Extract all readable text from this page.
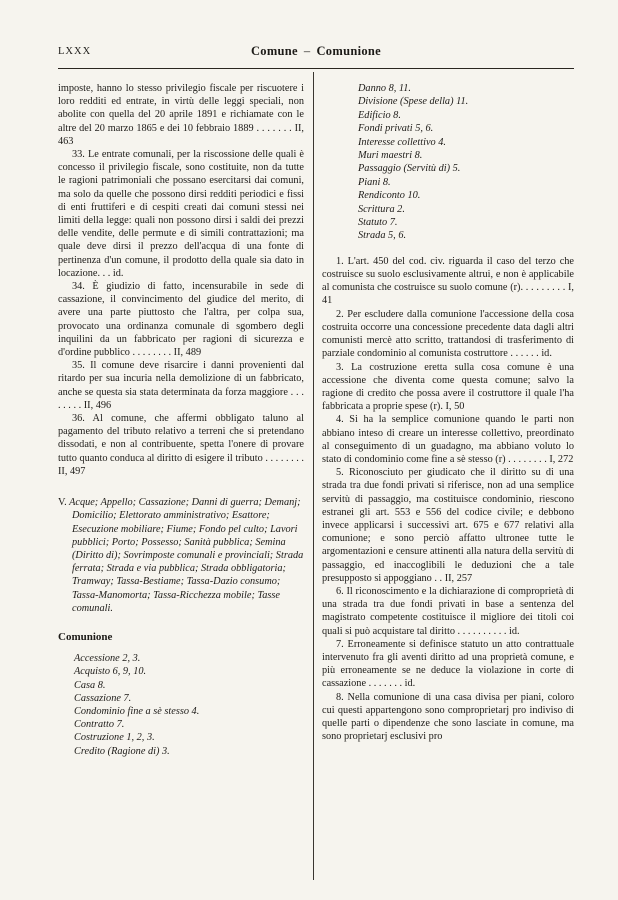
LXXX	Comune – Comunione

imposte, hanno lo stesso privilegio fiscale per riscuotere i loro redditi ed entrate, in virtù delle leggi speciali, non abolite con quella del 20 aprile 1891 e richiamate con le altre del 20 marzo 1865 e dei 10 febbraio 1889 . . . . . . . II, 463

33. Le entrate comunali, per la riscossione delle quali è concesso il privilegio fiscale, sono costituite, non da tutte le ragioni patrimoniali che possano esercitarsi dai comuni, ma solo da quelle che possono dirsi redditi periodici e fissi di enti fruttiferi e di cespiti creati dai comuni stessi nei limiti della legge: quali non possono dirsi i saldi dei prezzi delle vendite, delle permute e di simili contrattazioni; ma quale deve dirsi il prezzo dell'acqua di una fonte di pertinenza d'un comune, il prodotto della quale sia dato in locazione. . . id.

34. È giudizio di fatto, incensurabile in sede di cassazione, il convincimento del giudice del merito, di avere una parte piuttosto che l'altra, per colpa sua, provocato una ordinanza comunale di sgombero degli inquilini da un fabbricato per ragioni di sicurezza e d'ordine pubblico . . . . . . . . II, 489

35. Il comune deve risarcire i danni provenienti dal ritardo per sua incuria nella demolizione di un fabbricato, anche se questa sia stata determinata da forza maggiore . . . . . . . . II, 496

36. Al comune, che affermi obbligato taluno al pagamento del tributo relativo a terreni che si pretendano dissodati, e non al contribuente, spetta l'onere di provare tutto quanto conduca al diritto di esigere il tributo . . . . . . . . II, 497

V. Acque; Appello; Cassazione; Danni di guerra; Demanj; Domicilio; Elettorato amministrativo; Esattore; Esecuzione mobiliare; Fiume; Fondo pel culto; Lavori pubblici; Porto; Possesso; Sanità pubblica; Semina (Diritto di); Sovrimposte comunali e provinciali; Strada ferrata; Strada e via pubblica; Strada obbligatoria; Tramway; Tassa-Bestiame; Tassa-Dazio consumo; Tassa-Manomorta; Tassa-Ricchezza mobile; Tasse comunali.

Comunione
Accessione 2, 3.
Acquisto 6, 9, 10.
Casa 8.
Cassazione 7.
Condominio fine a sè stesso 4.
Contratto 7.
Costruzione 1, 2, 3.
Credito (Ragione di) 3.
Danno 8, 11.
Divisione (Spese della) 11.
Edificio 8.
Fondi privati 5, 6.
Interesse collettivo 4.
Muri maestri 8.
Passaggio (Servitù di) 5.
Piani 8.
Rendiconto 10.
Scrittura 2.
Statuto 7.
Strada 5, 6.

1. L'art. 450 del cod. civ. riguarda il caso del terzo che costruisce su suolo esclusivamente altrui, e non è applicabile al comunista che costruisce su suolo comune (r). . . . . . . . . I, 41

2. Per escludere dalla comunione l'accessione della cosa costruita occorre una concessione precedente data dagli altri comunisti mercè atto scritto, trattandosi di trasferimento di parziale condominio al comunista costruttore . . . . . . id.

3. La costruzione eretta sulla cosa comune è una accessione che diventa come questa comune; salvo la ragione di credito che possa avere il costruttore il quale l'ha fabbricata a proprie spese (r). I, 50

4. Si ha la semplice comunione quando le parti non abbiano inteso di creare un interesse collettivo, preordinato al conseguimento di un guadagno, ma abbiano voluto lo stato di condominio come fine a sè stesso (r) . . . . . . . . I, 272

5. Riconosciuto per giudicato che il diritto su di una strada tra due fondi privati si riferisce, non ad una semplice servitù di passaggio, ma costituisce condominio, riescono estranei gli art. 553 e 556 del codice civile; e debbono invece applicarsi i successivi art. 675 e 677 relativi alla comunione; e sono perciò affatto ultronee tutte le argomentazioni e censure attinenti alla natura della servitù di passaggio, ed inaccoglibili le deduzioni che a tale presupposto si appoggiano . . II, 257

6. Il riconoscimento e la dichiarazione di comproprietà di una strada tra due fondi privati in base a sentenza del magistrato competente costituisce il migliore dei titoli coi quali si può acquistare tal diritto . . . . . . . . . . id.

7. Erroneamente si definisce statuto un atto contrattuale intervenuto fra gli aventi diritto ad una proprietà comune, e più erroneamente se ne deduce la violazione in corte di cassazione . . . . . . . id.

8. Nella comunione di una casa divisa per piani, coloro cui questi appartengono sono comproprietarj pro indiviso di quelle parti o dipendenze che sono lasciate in comune, ma sono proprietarj esclusivi pro
